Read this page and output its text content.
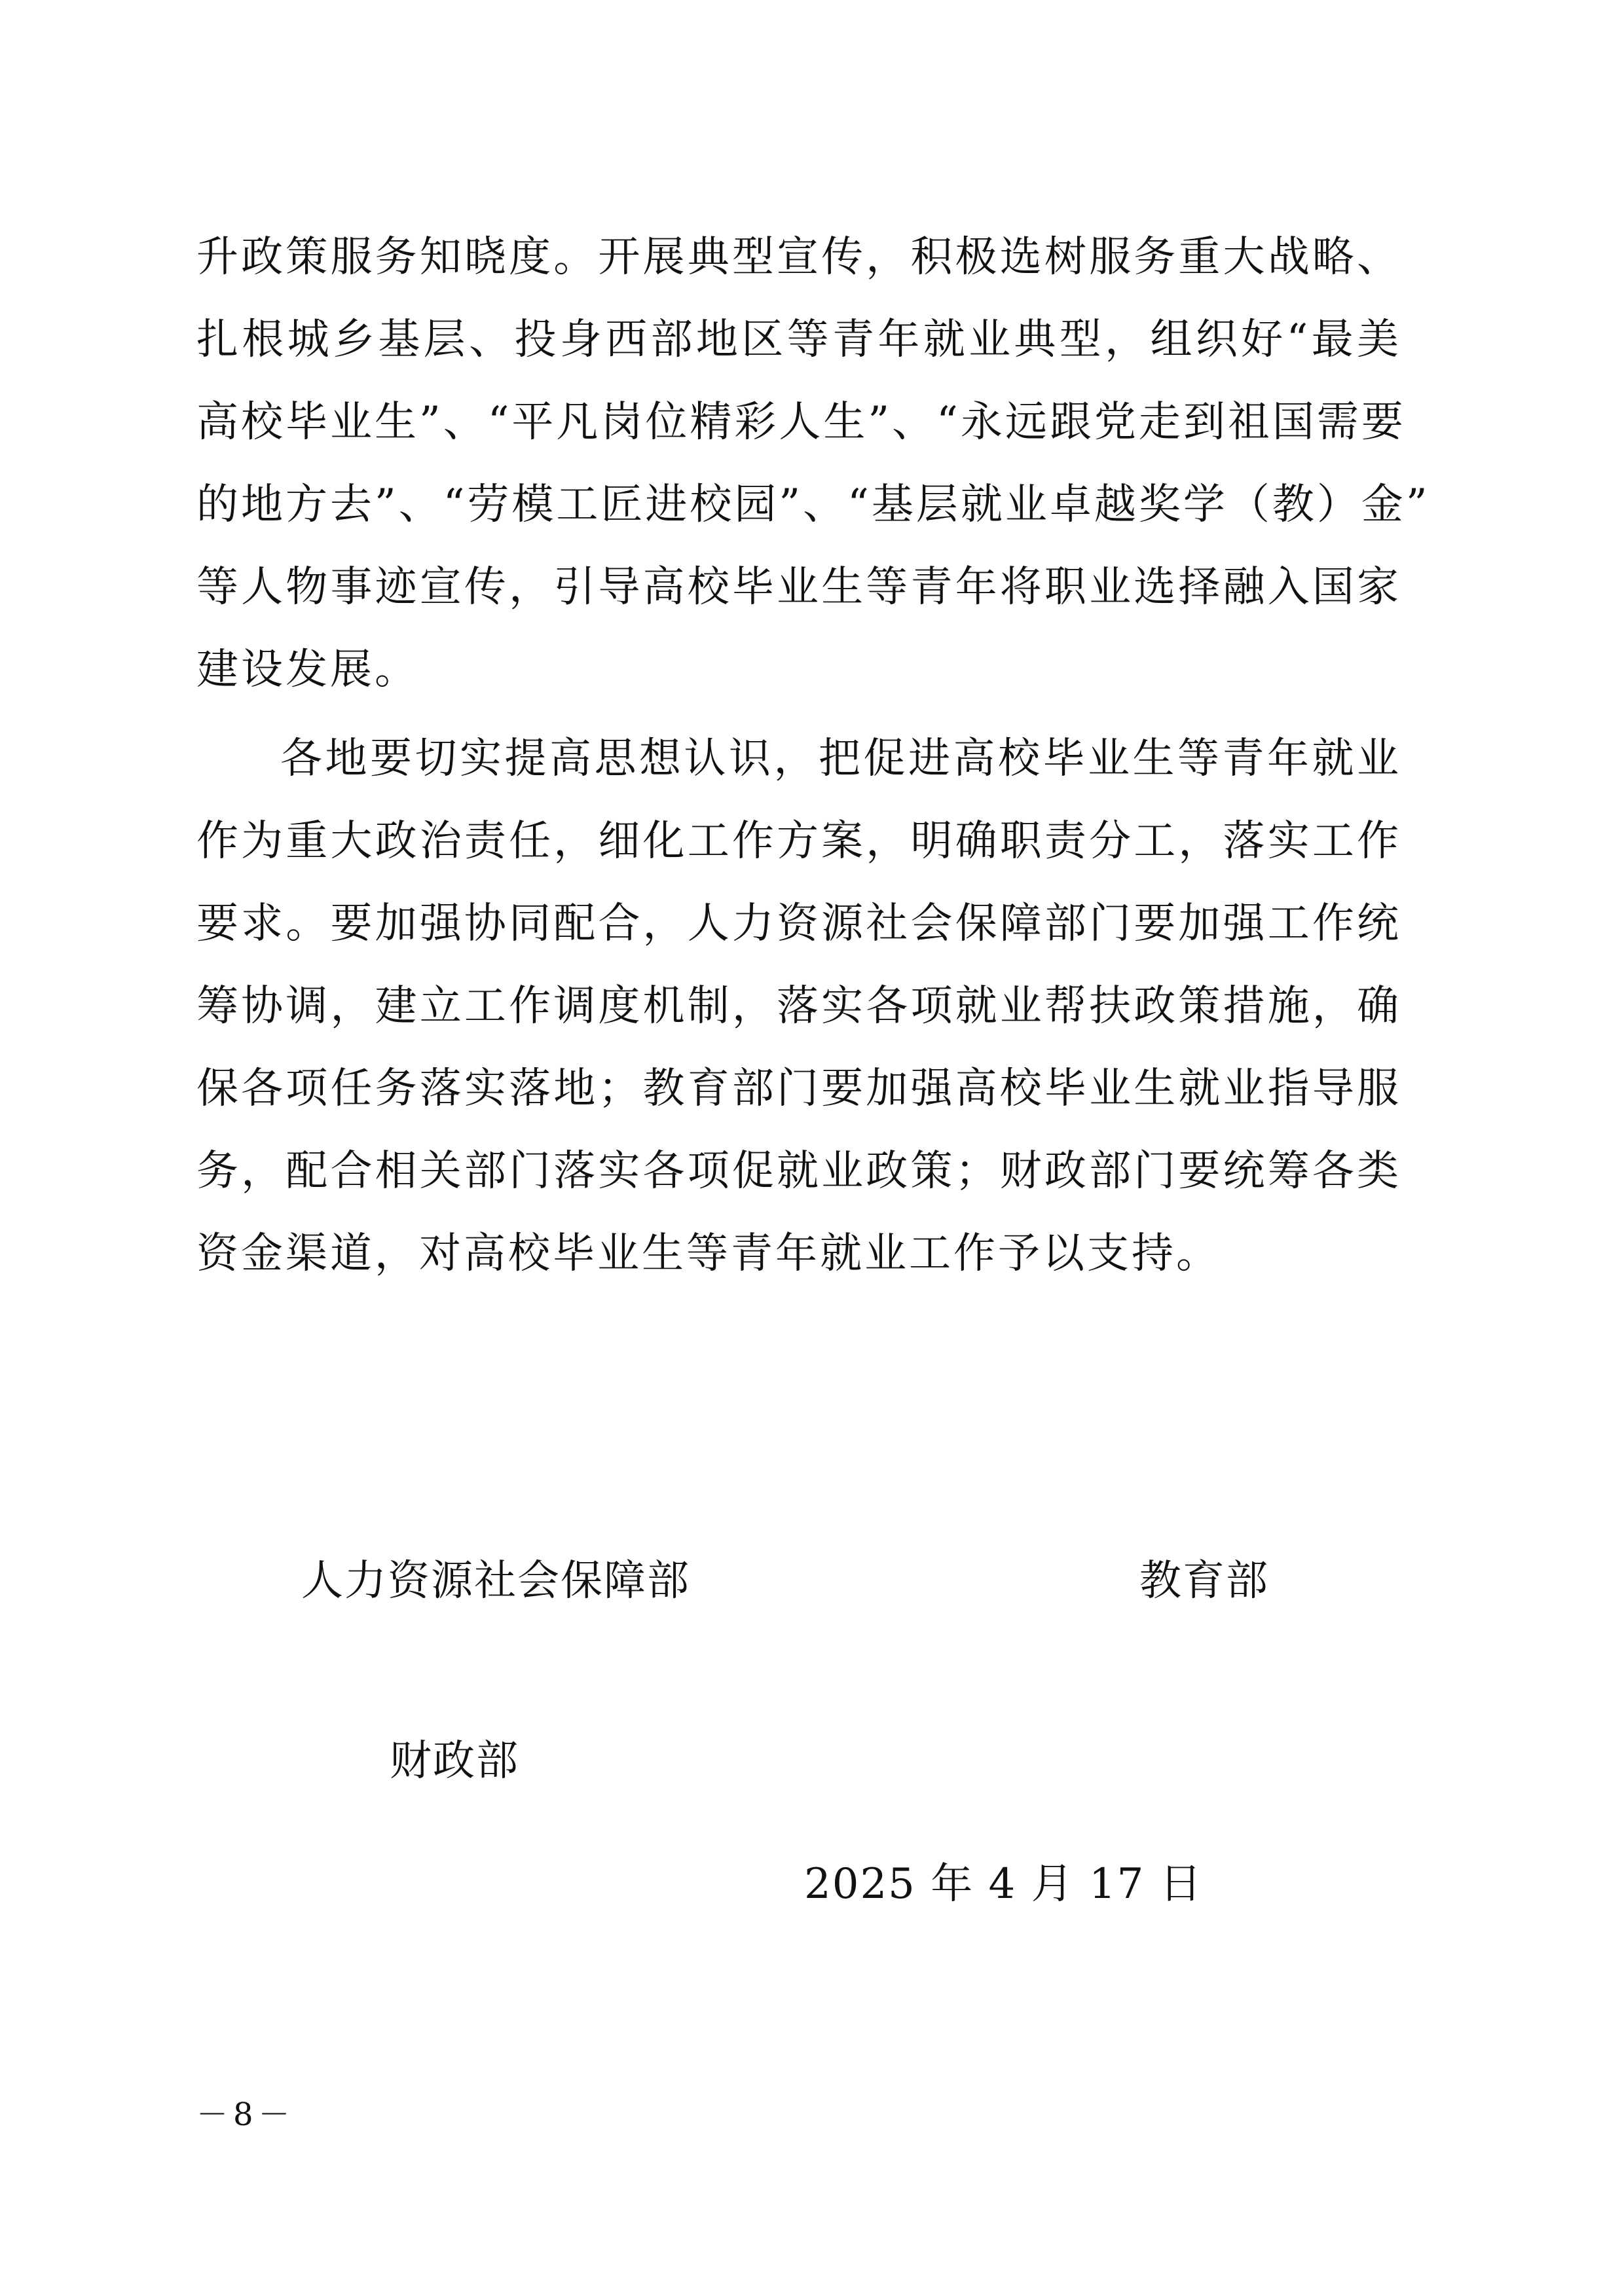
升政策服务知晓度。开展典型宣传，积极选树服务重大战略、
扎根城乡基层、投身西部地区等青年就业典型，组织好“最美
高校毕业生”、“平凡岗位精彩人生”、“永远跟党走到祖国需要
的地方去”、“劳模工匠进校园”、“基层就业卓越奖学（教）金”
等人物事迹宣传，引导高校毕业生等青年将职业选择融入国家
建设发展。
各地要切实提高思想认识，把促进高校毕业生等青年就业
作为重大政治责任，细化工作方案，明确职责分工，落实工作
要求。要加强协同配合，人力资源社会保障部门要加强工作统
筹协调，建立工作调度机制，落实各项就业帮扶政策措施，确
保各项任务落实落地；教育部门要加强高校毕业生就业指导服
务，配合相关部门落实各项促就业政策；财政部门要统筹各类
资金渠道，对高校毕业生等青年就业工作予以支持。
人力资源社会保障部	教育部
财政部
2025 年 4 月 17 日
－8－
